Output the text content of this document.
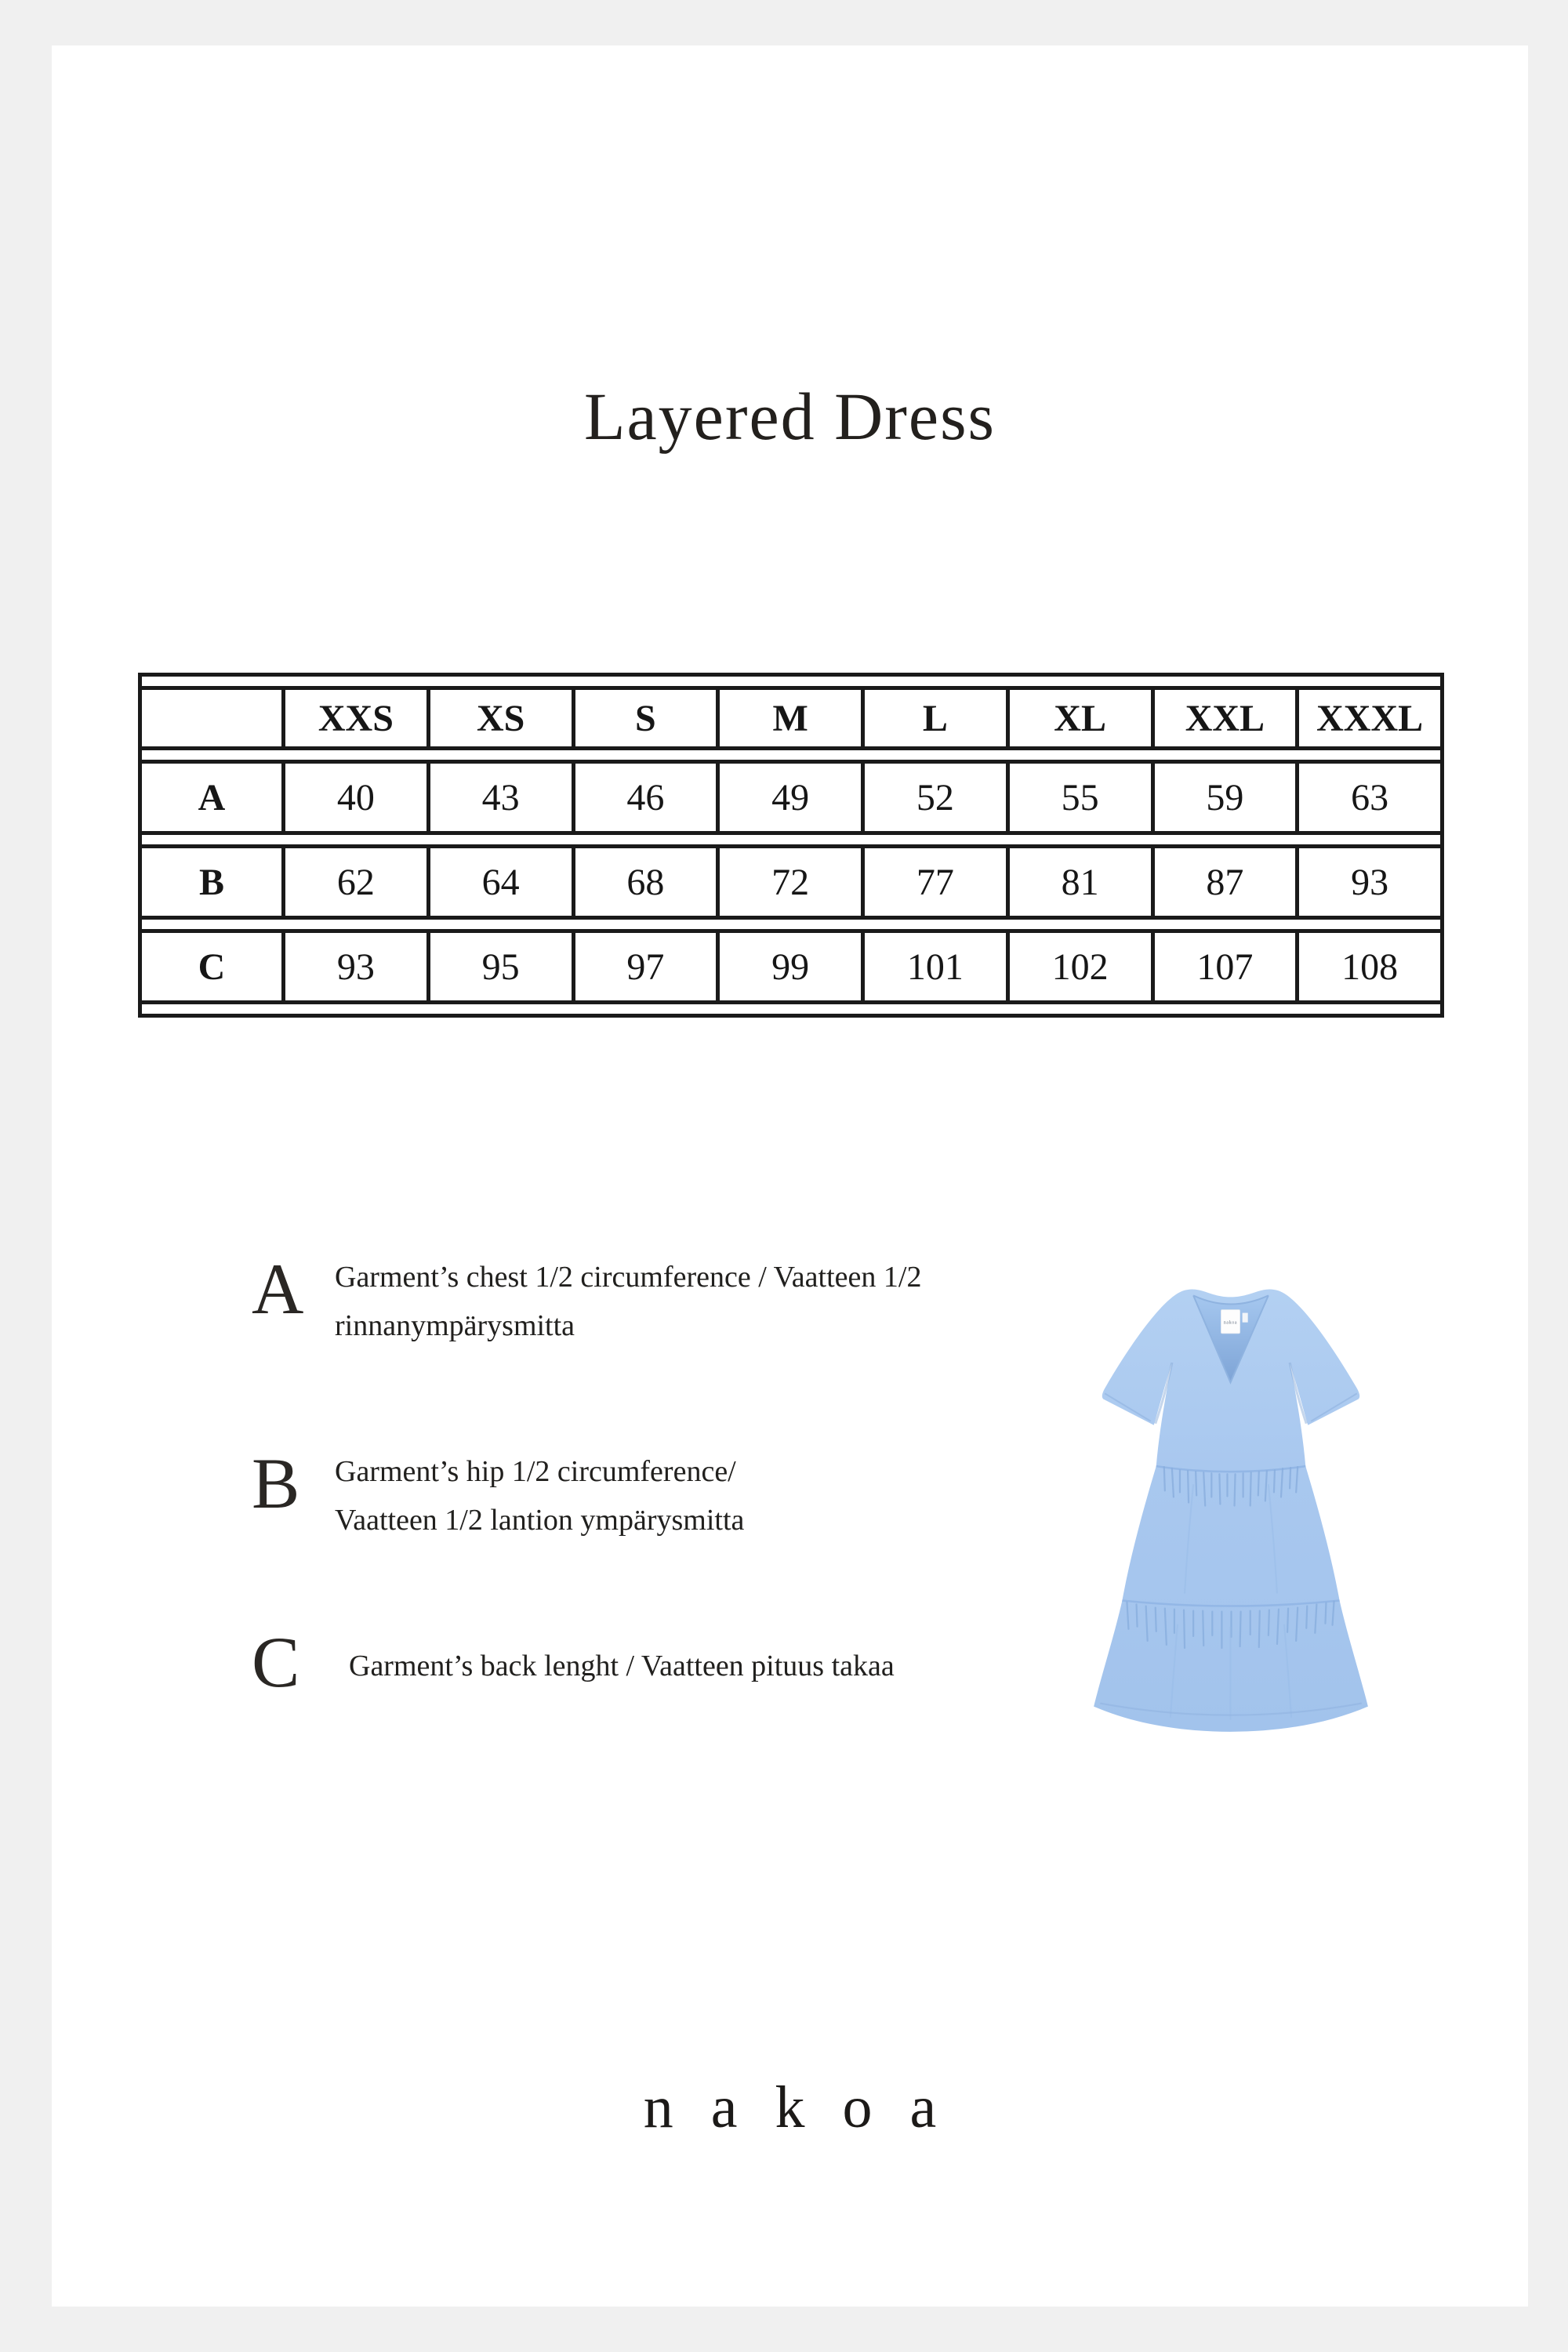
Layered Dress
	XXS	XS	S	M	L	XL	XXL	XXXL
A	40	43	46	49	52	55	59	63
B	62	64	68	72	77	81	87	93
C	93	95	97	99	101	102	107	108
A	Garment’s chest 1/2 circumference / Vaatteen 1/2
rinnanympärysmitta
B	Garment’s hip 1/2 circumference/
Vaatteen 1/2 lantion ympärysmitta
C	Garment’s back lenght / Vaatteen pituus takaa
nakoa
nakoa
